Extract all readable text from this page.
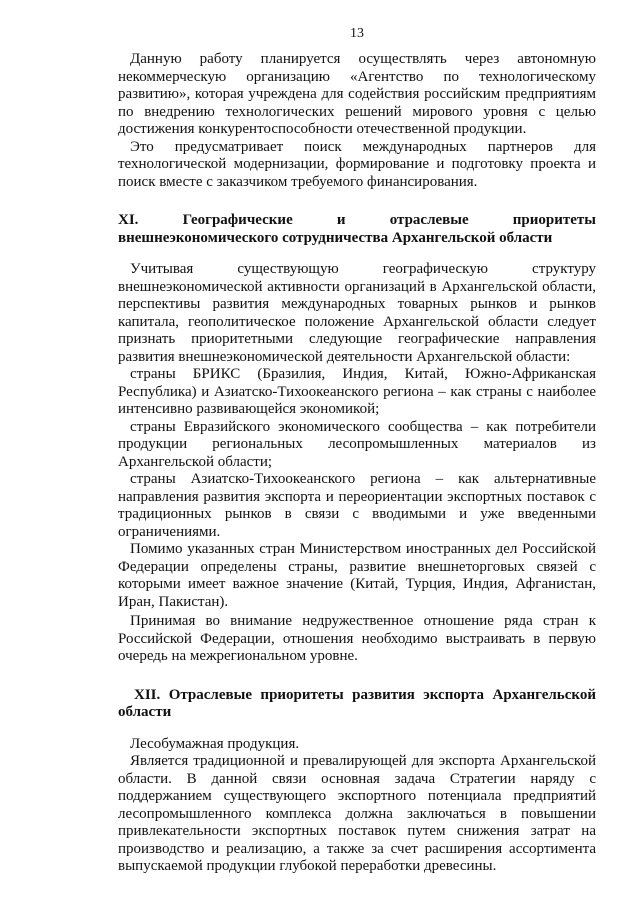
13

Данную работу планируется осуществлять через автономную некоммерческую организацию «Агентство по технологическому развитию», которая учреждена для содействия российским предприятиям по внедрению технологических решений мирового уровня с целью достижения конкурентоспособности отечественной продукции.

Это предусматривает поиск международных партнеров для технологической модернизации, формирование и подготовку проекта и поиск вместе с заказчиком требуемого финансирования.

XI. Географические и отраслевые приоритеты внешнеэкономического сотрудничества Архангельской области

Учитывая существующую географическую структуру внешнеэкономической активности организаций в Архангельской области, перспективы развития международных товарных рынков и рынков капитала, геополитическое положение Архангельской области следует признать приоритетными следующие географические направления развития внешнеэкономической деятельности Архангельской области:

страны БРИКС (Бразилия, Индия, Китай, Южно-Африканская Республика) и Азиатско-Тихоокеанского региона – как страны с наиболее интенсивно развивающейся экономикой;

страны Евразийского экономического сообщества – как потребители продукции региональных лесопромышленных материалов из Архангельской области;

страны Азиатско-Тихоокеанского региона – как альтернативные направления развития экспорта и переориентации экспортных поставок с традиционных рынков в связи с вводимыми и уже введенными ограничениями.

Помимо указанных стран Министерством иностранных дел Российской Федерации определены страны, развитие внешнеторговых связей с которыми имеет важное значение (Китай, Турция, Индия, Афганистан, Иран, Пакистан).

Принимая во внимание недружественное отношение ряда стран к Российской Федерации, отношения необходимо выстраивать в первую очередь на межрегиональном уровне.

XII. Отраслевые приоритеты развития экспорта Архангельской области

Лесобумажная продукция.

Является традиционной и превалирующей для экспорта Архангельской области. В данной связи основная задача Стратегии наряду с поддержанием существующего экспортного потенциала предприятий лесопромышленного комплекса должна заключаться в повышении привлекательности экспортных поставок путем снижения затрат на производство и реализацию, а также за счет расширения ассортимента выпускаемой продукции глубокой переработки древесины.
